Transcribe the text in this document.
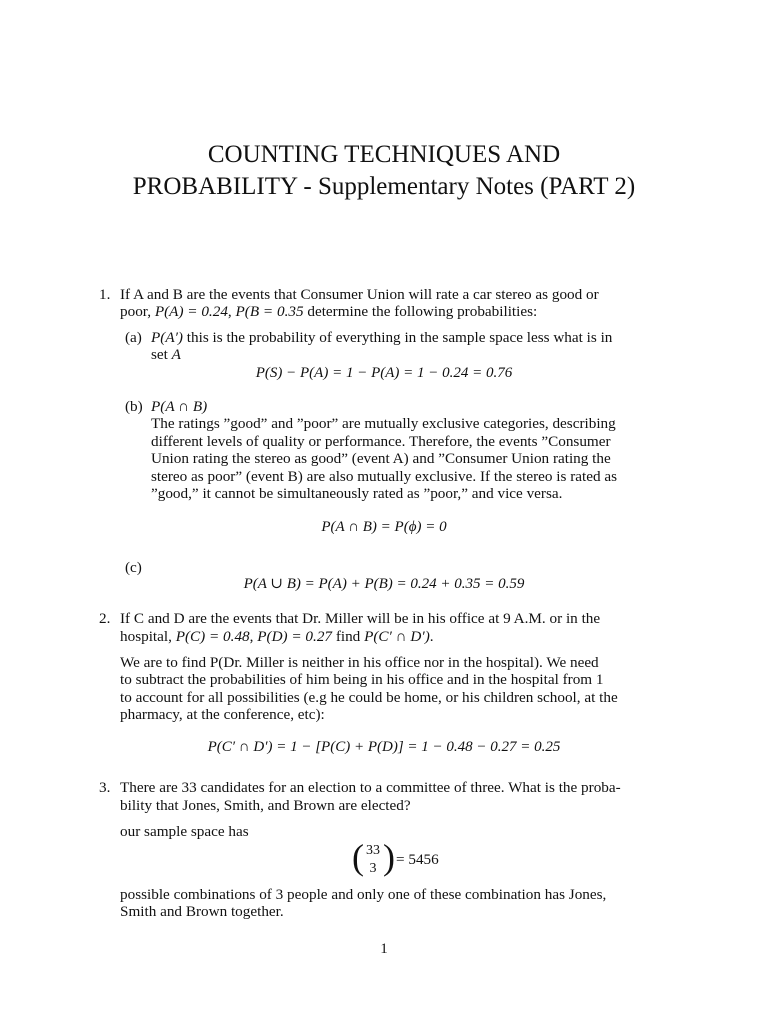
COUNTING TECHNIQUES AND
PROBABILITY - Supplementary Notes (PART 2)
1. If A and B are the events that Consumer Union will rate a car stereo as good or
poor, P(A) = 0.24, P(B = 0.35 determine the following probabilities:
(a) P(A′) this is the probability of everything in the sample space less what is in
set A
P(S) − P(A) = 1 − P(A) = 1 − 0.24 = 0.76
(b) P(A ∩ B)
The ratings ”good” and ”poor” are mutually exclusive categories, describing
different levels of quality or performance. Therefore, the events ”Consumer
Union rating the stereo as good” (event A) and ”Consumer Union rating the
stereo as poor” (event B) are also mutually exclusive. If the stereo is rated as
”good,” it cannot be simultaneously rated as ”poor,” and vice versa.
P(A ∩ B) = P(ϕ) = 0
(c)
P(A ∪ B) = P(A) + P(B) = 0.24 + 0.35 = 0.59
2. If C and D are the events that Dr. Miller will be in his office at 9 A.M. or in the
hospital, P(C) = 0.48, P(D) = 0.27 find P(C′ ∩ D′).
We are to find P(Dr. Miller is neither in his office nor in the hospital). We need
to subtract the probabilities of him being in his office and in the hospital from 1
to account for all possibilities (e.g he could be home, or his children school, at the
pharmacy, at the conference, etc):
P(C′ ∩ D′) = 1 − [P(C) + P(D)] = 1 − 0.48 − 0.27 = 0.25
3. There are 33 candidates for an election to a committee of three. What is the proba-
bility that Jones, Smith, and Brown are elected?
our sample space has
( 33
3 ) = 5456
possible combinations of 3 people and only one of these combination has Jones,
Smith and Brown together.
1
